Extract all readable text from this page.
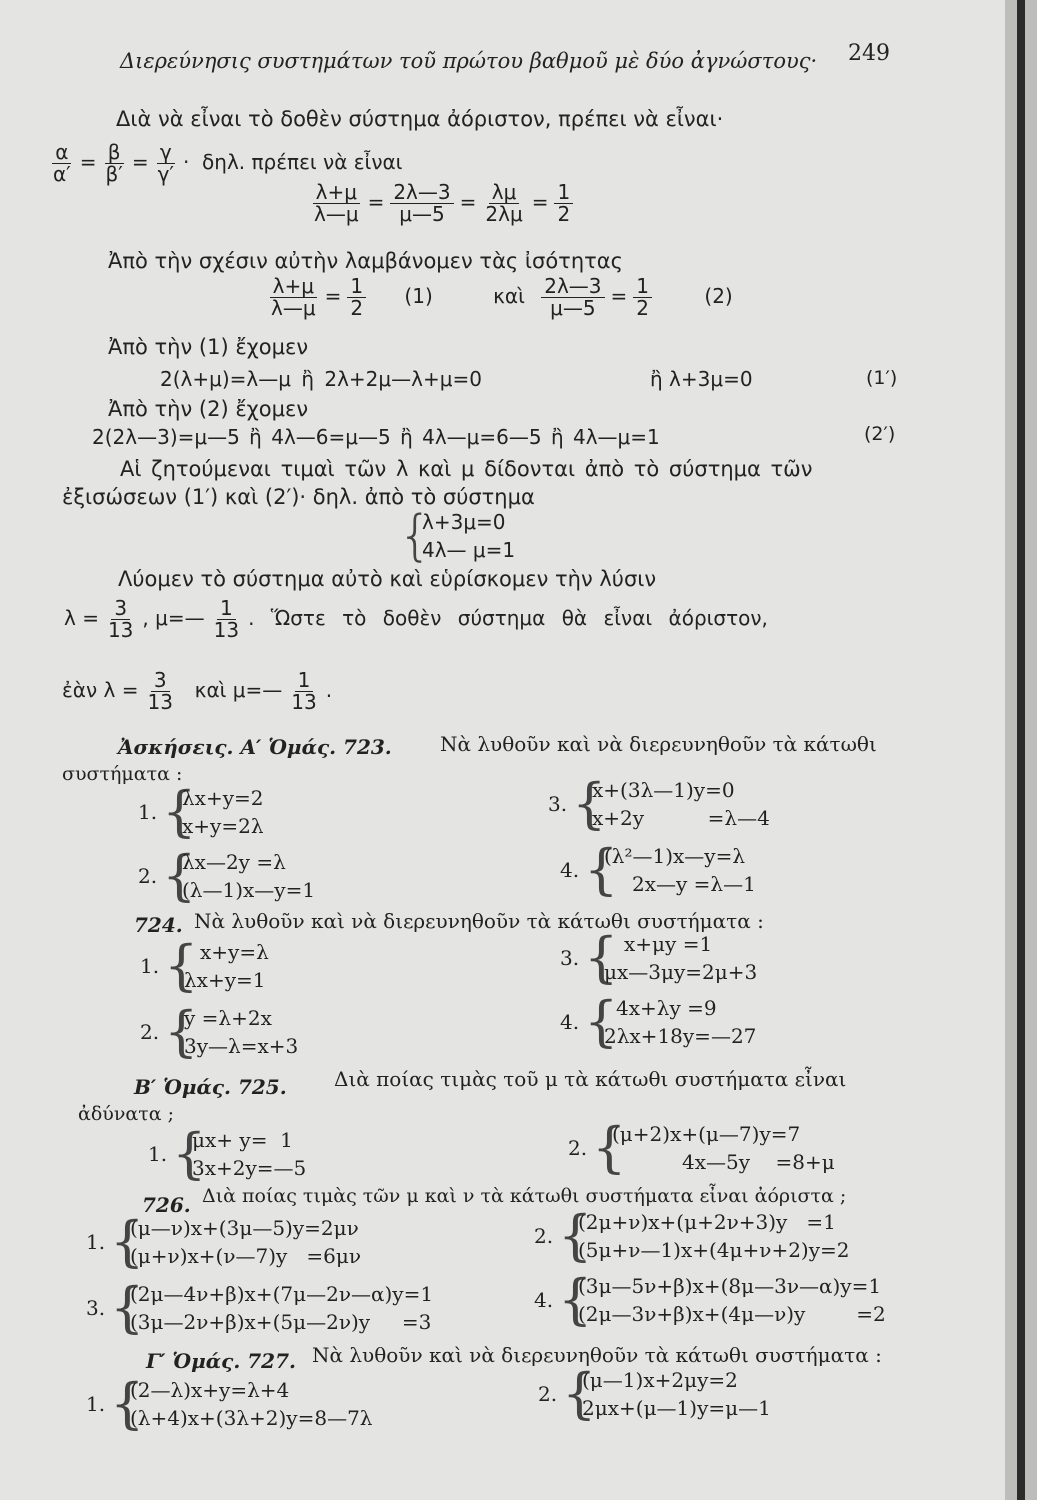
Διερεύνησις συστημάτων τοῦ πρώτου βαθμοῦ μὲ δύο ἀγνώστους· 249
Διὰ νὰ εἶναι τὸ δοθὲν σύστημα ἀόριστον, πρέπει νὰ εἶναι·
$\frac{\alpha}{\alpha'} = \frac{\beta}{\beta'} = \frac{\gamma}{\gamma'} \cdot \delta\eta\lambda$. πρέπει νὰ εἶναι
$\frac{\lambda+\mu}{\lambda—\mu} = \frac{2\lambda—3}{\mu—5} = \frac{\lambda\mu}{2\lambda\mu} = \frac{1}{2}$
Ἀπὸ τὴν σχέσιν αὐτὴν λαμβάνομεν τὰς ἰσότητας
$\frac{\lambda+\mu}{\lambda—\mu} = \frac{1}{2} (1)$	καὶ $\frac{2\lambda—3}{\mu—5} = \frac{1}{2}$	(2)
Ἀπὸ τὴν (1) ἔχομεν
2(λ+μ)=λ—μ ἢ 2λ+2μ—λ+μ=0	ἢ λ+3μ=0	(1′)
Ἀπὸ τὴν (2) ἔχομεν
2(2λ—3)=μ—5 ἢ 4λ—6=μ—5 ἢ 4λ—μ=6—5 ἢ 4λ—μ=1	(2′)
Αἱ ζητούμεναι τιμαὶ τῶν λ καὶ μ δίδονται ἀπὸ τὸ σύστημα τῶν
ἐξισώσεων (1′) καὶ (2′)· δηλ. ἀπὸ τὸ σύστημα
{
λ+3μ=0
4λ— μ=1
Λύομεν τὸ σύστημα αὐτὸ καὶ εὑρίσκομεν τὴν λύσιν
$\lambda = \frac{3}{13}$ , μ=— $\frac{1}{13}$ . Ὥστε τὸ δοθὲν σύστημα θὰ εἶναι ἀόριστον,
ἐὰν $\lambda = \frac{3}{13}$ καὶ μ=— $\frac{1}{13}$ .
Ἀσκήσεις. Α′ Ὁμάς. 723. Νὰ λυθοῦν καὶ νὰ διερευνηθοῦν τὰ κάτωθι
συστήματα :
1. {
λx+y=2
x+y=2λ
2. {
λx—2y =λ
(λ—1)x—y=1
3. {
x+(3λ—1)y=0
x+2y          =λ—4
4. {
(λ²—1)x—y=λ
2x—y =λ—1
724. Νὰ λυθοῦν καὶ νὰ διερευνηθοῦν τὰ κάτωθι συστήματα :
1. { x+y=λ
λx+y=1
2. {
y =λ+2x
3y—λ=x+3
3. { x+μy =1
μx—3μy=2μ+3
4. {
4x+λy =9
2λx+18y=—27
Β′ Ὁμάς. 725. Διὰ ποίας τιμὰς τοῦ μ τὰ κάτωθι συστήματα εἶναι
ἀδύνατα ;
1. {
μx+ y=  1
3x+2y=—5
2. {
(μ+2)x+(μ—7)y=7
4x—5y    =8+μ
726. Διὰ ποίας τιμὰς τῶν μ καὶ ν τὰ κάτωθι συστήματα εἶναι ἀόριστα ;
1. {
(μ—ν)x+(3μ—5)y=2μν
(μ+ν)x+(ν—7)y   =6μν
2. {
(2μ+ν)x+(μ+2ν+3)y   =1
(5μ+ν—1)x+(4μ+ν+2)y=2
3. {
(2μ—4ν+β)x+(7μ—2ν—α)y=1
(3μ—2ν+β)x+(5μ—2ν)y     =3
4. {
(3μ—5ν+β)x+(8μ—3ν—α)y=1
(2μ—3ν+β)x+(4μ—ν)y        =2
Γ′ Ὁμάς. 727. Νὰ λυθοῦν καὶ νὰ διερευνηθοῦν τὰ κάτωθι συστήματα :
1. {
(2—λ)x+y=λ+4
(λ+4)x+(3λ+2)y=8—7λ
2. {
(μ—1)x+2μy=2
2μx+(μ—1)y=μ—1
